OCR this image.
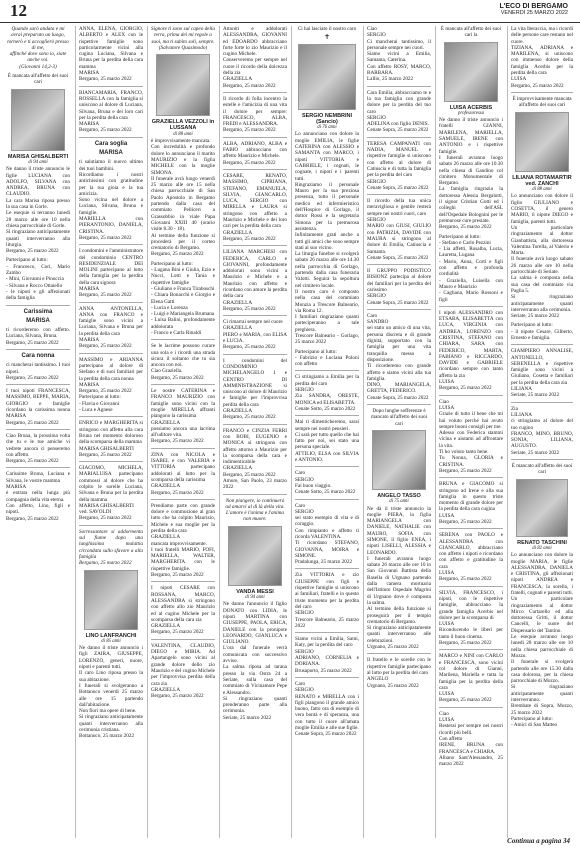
12	L'ECO DI BERGAMO
VENERDÌ 25 MARZO 2022

Quando sarò andata e mi avrai preparato un luogo,
tornerò e ti accoglierò presso di me,
affinché dove sono io, siate anche voi.
(Giovanni 14,2-3)

È mancata all'affetto dei suoi cari

MARISA GHISALBERTI
di 94 anni

Ne danno il triste annuncio le figlie LUCIANA con ADOLFO, SILVANA con ANDREA, BRUNA con CLAUDIO.
La cara Marisa riposa presso la sua casa in Gorle.
Le esequie si terranno lunedì 28 marzo alle ore 10 nella chiesa parrocchiale di Gorle.
Si ringraziano anticipatamente quanti interverranno alla liturgia.
Bergamo, 25 marzo 2022

Partecipano al lutto:
- Francesco, Cori, Mario Zambo
- Mini, Giovanni e Pinuccia
- Silvana e Rocco Ottaiello
- le nipoti e gli affezionati della famiglia

Carissima
MARISA

ti ricorderemo con affetto. Luciana, Silvana, Bruna.
Bergamo, 25 marzo 2022

Cara nonna

ci mancherai tantissimo. I tuoi nipoti.
Bergamo, 25 marzo 2022

I tuoi nipoti FRANCESCA, MASSIMO, BEPPE, MARIA, GIORGIO e famiglie ricordano la carissima nonna MARISA
Bergamo, 25 marzo 2022

Ciao Bruna, la prossima volta che tu e le tue amiche vi vedrete ancora ci penseremo con affetto.
Bergamo, 25 marzo 2022

Carissime Bruna, Luciana e Silvana, le vostre mamma
MARISA
è entrata nella lunga più compagnia della vita eterna.
Con affetto, Lino, figli e nipoti.
Bergamo, 25 marzo 2022

ANNA, ELENA, GIORGIO, ALBERTO e ALEX con le rispettive famiglie sono particolarmente vicini alla cugina Luciana, Silvana e Bruna per la perdita della cara mamma
MARISA
Bergamo, 25 marzo 2022

BIANCAMARIA, FRANCO, ROSSELLA con la famiglia si uniscono al dolore di Luciana, Silvana, Bruna e dei loro cari per la perdita della cara
MARISA
Bergamo, 25 marzo 2022

Cara soglia
MARISA

ti salutiamo il nuovo ultimo dei tuoi bambini.
Ricordiamo i nostri antichissimi con gratitudine per la tua gioia e la tua amicizia.
Sono vicina nel dolore a Luciana, Silvana, Bruna e famiglie.
MARIELLA con PIERANTONIO, DANIELA, CRISTINA.
Bergamo, 25 marzo 2022

I condomini e l'amministratore del condominio CENTRO RESIDENZIALE DEI MOLINI partecipano al lutto della famiglia per la perdita della cara signora
MARISA
Bergamo, 25 marzo 2022

ANNA ANTONELLA, ANNA con FRANCO e famiglie sono vicini a Luciana, Silvana e Bruna per la perdita della cara
MARISA
Bergamo, 25 marzo 2022

MASSIMO e ARIANNA partecipano al dolore di Stefano e di suoi familiari per la perdita della cara nonna
MARISA
Bergamo, 25 marzo 2022

Partecipano al lutto:
- Flavia e Giovanni
- Luca e Agnese

ENRICO e MARGHERITA si stringono con affetto alla cara Bruna nel momento doloroso della scomparsa della mamma
MARISA GHISALBERTI
Bergamo, 25 marzo 2022

GIACOMO, MICHELA, MARIALUISA partecipano commossi al dolore che ha colpito le sorelle Luciana, Silvana e Bruna per la perdita della mamma
MARISA GHISALBERTI
ved. SAVOLDI
Bergamo, 25 marzo 2022

Sorressantare si addormenta sul fiume dopo una lunghissima malattia circondata sullo sfavore a alla famiglia
Bergamo, 25 marzo 2022

LINO LANFRANCHI
di 85 anni

Ne danno il triste annuncio i figli ZAIRA, GIUSEPPE, LORENZO, generi, nuore, nipoti e parenti tutti.
Il caro Lino riposa presso la sua abitazione.
I funerali si svolgeranno a Bottanuco venerdì 25 marzo alle ore 15 partendo dall'abitazione.
Non fiori ma opere di bene.
Si ringraziano anticipatamente quanti interverranno alla cerimonia cristiana.
Bottanuco, 25 marzo 2022

Signore ti sono sul capeo della terra, prima dei mi regole a suoi, ma ti subito soli, sempre.
(Salvatore Quasimodo)

GRAZIELLA VEZZOLI in LUSSANA
di 88 anni

è improvvisamente mancata.
Con incredulità e profondo dolore lo annunciano il marito MAURIZIO e la figlia MICHELE con la moglie SIMONA.
Il funerale avrà luogo venerdì 25 marzo alle ore 15 nella chiesa parrocchiale di San Paolo Apostolo in Bergamo partendo dalla casa del commiato Pelliceri a Grassobbio in viale Papa Giovanni XXIII 40 (orario visite 8.30 - 18).
Al termine della funzione si procederà per il corteo crematorio di Bergamo.
Bergamo, 25 marzo 2022

Partecipano al lutto:
- Lugana Bini e Giulia, Ezio e Nucci, Lotti e Tania e rispettive famiglie
- Giuliano e Franca Tiraboschi
- Chiara Bonacchi e Giorgio e Elena Gatti
- Lucia e Lorenza
- Luigi e Mariangela Brumana
- Luisa Balini, profondamente addolorata
- Franco e Carla Rinaldi

Se le lacrime possono curare una sola e i ricordi una strada sicura il soltanto che tu sia ancora con noi.
Ciao Graziella.
Bergamo, 25 marzo 2022

Le nostre CATERINA e FRANCO MAURIZIO con famiglie sono vicini con la moglie MIRELLA affranti piangono la carissima
GRAZIELLA
possiamo ancora una lacrima all'uditore vita.
Bergamo, 25 marzo 2022

ZINA con NICOLA e ISABEL e con VALERIA e VITTORIA partecipano addolorati al lutto per la scomparsa della carissima
GRAZIELLA
Bergamo, 25 marzo 2022

Prendiamo parte con grande dolore e commozione al gran lutto che ha colpito Maurizio, Michele e sua moglie per la perdita della cara
GRAZIELLA
mancata improvvisamente.
I tuoi fratelli MARIO, FOFI, MARIELLA, WALTER, MARGHERITA con le rispettive famiglie.
Bergamo, 25 marzo 2022

I nipoti CESARE con ROSSANA, MARCO, ALESSANDRA si stringono con affetto allo zio Maurizio ed al cugino Michele per la scomparsa della cara zia
GRAZIELLA
Bergamo, 25 marzo 2022

VALENTINA, CLAUDIO, DIEGO e MIRIA. Ad Apartangelo sono vicini al grande dolore dello zio Maurizio e del cugino Michele per l'improvvisa perdita della cara zia
GRAZIELLA
Bergamo, 25 marzo 2022

Attoniti e addolorati ALESSANDRA, GIOVANNI ed EDOARDO abbracciano forte forte lo zio Maurizio e il cugino Michele.
Conserveremo per sempre nel cuore il ricordo della dolcezza della zia
GRAZIELLA
Bergamo, 25 marzo 2022

Il ricordo di folla incentro la estelle e l'amicizia di una vita il dolore per sempre: FRANCESCO, ALBA, FREDI e ALESSANDRA.
Bergamo, 25 marzo 2022

ALBA, ADRIANO, ALBA e FABIO abbracciano con affetto Maurizio e Michele.
Bergamo, 25 marzo 2022

CESARE, RENATO, MASSIMO, CIPRIANA, STEFANO, EMANUELA, SILVIA, GIANCARLO, LUCA, SERGIO con MIRELLA e LAURA si stringono con affetto a Maurizio e Michele e dei loro cari per la perdita della cara
GRAZIELLA
Bergamo, 25 marzo 2022

LILIANA MARCHESI con FEDERICA, CARLO e GIOVANNI, profondamente addolorati sono vicini a Maurizio e Michele e a Maurizio con affetto e ricordano con amore la perdita della cara
GRAZIELLA
Bergamo, 25 marzo 2022

Ci rimarrai sempre nel cuore
GRAZIELLA
PIERO e MARIA, con ELISA e LUCIA.
Bergamo, 25 marzo 2022

I condomini del CONDOMINIO MICHELANGELO 1 e CENTRO DI AMMINISTRAZIONE si uniscono al dolore di Maurizio e famiglie per l'improvvisa perdita della cara
GRAZIELLA
Bergamo, 25 marzo 2022

FRANCO e CINZIA FERRI con BOBI, EUGENIO e MONICA si stringono con affetto attorno a Maurizio per la scomparsa della cara e indimenticabile
GRAZIELLA
Bergamo, 25 marzo 2022

Amore, San Paolo, 23 marzo 2022

Non piangere, io continuerò ad amarvi al di là della vita.
L'amore è l'anima e l'anima non muore.

VANDA MESSI
di 94 anni

Ne danno l'annuncio il figlio DONATO con LIDIA, le nipoti MARTINA con GIUSEPPE, PAOLA, ERICA, DANIELE con la pronipote LEONARDO, GIANLUCA e GIULIANO.
L'ora dal funerale verrà comunicata con successivo avviso.
La salma riposa ad tarana presso la via Ostra 24 a Seriate, sulla casa del commiato di Vicinamore Pepe e Alessandro.
Si ringraziano quanti prenderanno parte alla cerimonia.
Seriate, 25 marzo 2022

Ci hai lasciato il nostro caro

✝
SERGIO NEMBRINI (Sancio)
di 76 anni

Lo annunciano con dolore la moglie EMILIA, le figlie CATERINA con ALESSIO e SAMANTA con MARCO, i nipoti VITTORIA e GABRIELE, i cognati, le cognate, i nipoti e i parenti tutti.
Ringraziamo il personale Mauro per la sua preziosa presenza, tutto il personale medico ed infermieristico dell'Hospice di Gorlago, il dottor Rossi e la segretaria Simona per la premurosa assistenza.
Infinitamente grati anche a tutti gli amici che sono sempre stati al suo vicino.
La liturgia funebre si svolgerà sabato 26 marzo alle ore 14.30 nella parrocchia di Gorlago, partendo dalla casa funeraria Valotti. Seguirà la sepoltura nel cimitero locale.
Il nostro caro è composto nella casa del commiato Monzia a Trescore Balneario, via Roma 12.
I familiari ringraziano quanti parteciperanno a tale preghiera.
Trescore Balneario - Gorlago, 25 marzo 2022

Partecipano al lutto:
- Fabrizio e Luciana Poloni con affetto

Ci stringiamo a Emilia per la perdita del caro
SERGIO
Zia SANDRA, ORESTE, MONICA ed ELISABETTA.
Cenate Sotto, 25 marzo 2022

Mai ti dimenticheremo, sarai sempre nei nostri pensieri.
Ci sarà per tutto quello che hai fatto per noi, sei stato una persona speciale.
ATTILIO, ELSA con SILVIA e ANTONIO.

Caro
SERGIO
Fai buon viaggio.
Cenate Sotto, 25 marzo 2022

Caro
SERGIO
sei stato esempio di vita e di coraggio.
Con rimpianto e affetto ti ricorda VALENTINA.
Ti ricordano STEFANO, GIOVANNA, MOIRA e SIMONE.
Pradalunga, 25 marzo 2022

Zia VITTORIA e zio GIUSEPPE con figli e rispettive famiglie si uniscono ai familiari, fratelli e in questo triste momento per la perdita del caro
SERGIO
Trescore Balneario, 25 marzo 2022

Siamo vicini a Emilia, Sami, Katy, per la perdita del caro
SERGIO
ADRIANO, CORNELIA e DORIANA.
Brusaporto, 25 marzo 2022

Caro
SERGIO
RENATO e MIRELLA con i figli piangono il grande amico buono, fatto ora di esempio di vera bontà e di speranza, una con tutto il cuore all'amata moglie Emilia e alle sue figlie.
Cenate Sopra, 25 marzo 2022

Ciao
SERGIO
Ci mancherai tantissimo, il personale sempre nei cuori.
Siamo vicini a Emilia, Samanta, Caterina.
Con affetto ROSY, MARCO, BARBARA.
Lallio, 25 marzo 2022

Cara Emilia, abbracciamo te e la tua famiglia con grande dolore per la perdita del tuo caro
SERGIO
ADELINA con figlio DENIS.
Cenate Sopra, 25 marzo 2022

TERESA CAMPANATI con NADIA, MANUEL e rispettive famiglie si uniscono con affetto al dolore di Catiuscia e di tutta la famiglia per la perdita del caro
SERGIO
Cenate Sopra, 25 marzo 2022

Il ricordo della tua unica meravigliosa e gentile resterà sempre nei nostri cuori, caro
SERGIO
MARIO con GIUSI, GIULIO con PATRIZIA, DAVIDE con MAURA si stringono al dolore di Emilia, Catiuscia e Samanta.
Cenate Sopra, 25 marzo 2022

Il GRUPPO PODISTICO BISIONZ partecipa al dolore dei familiari per la perdita del carissimo
SERGIO
Cenate Sopra, 25 marzo 2022

Caro
SANDRO
sei stato un amico di una vita, persona discreta e di grande dignità, sopportato con la famiglia per una vita tranquilla messo a disposizione.
Ti ricorderemo con grande affetto e siamo vicini alla tua famiglia.
DINO, MARIANGELA, GRETTA, FEDERICO.
Cenate Sopra, 25 marzo 2022

Dopo lunghe sofferenze è mancato all'affetto dei suoi cari

ANGELO TASSO
di 75 anni

Ne dà il triste annuncio la moglie PIERA, la figlia MARIANGELA con DANIELE, NATHALIE con MAURO, SOFIA con SIMONE, il figlio ENEA, i nipoti LISELLI, ALESSIA e LEONARDO.
I funerali avranno luogo sabato 26 marzo alle ore 10 in San Giovanni Battista della Basella di Urgnano partendo dalla camera mortuaria dell'Istituto Ospedale Magrini di Urgnano dove è composta la salma.
Al termine della funzione si proseguirà per il tempio crematorio di Bergamo.
Si ringraziano anticipatamente quanti interverranno alle celebrazioni.
Urgnano, 25 marzo 2022

Il fratello e le sorelle con le rispettive famiglie partecipano al lutto per la perdita del caro
ANGELO
Urgnano, 25 marzo 2022

È mancata all'affetto dei suoi cari la

LUISA ACERBIS
professoressa

Ne danno il triste annuncio i fratelli GIANNI, MARILENA, MARIELLA, SAMUELE, IRENE con ANTONIO e i rispettive famiglie.
I funerali avranno luogo sabato 26 marzo alle ore 10.30 nella chiesa di Gandino col cimitero Monumentale di Bergamo.
La famiglia ringrazia la dottoressa Alessia Bergalotti, il signor Cristian Gotti ed i colleghi dell'ASL dell'Ospedale Bolognini per le premurose cure prestate.
Bergamo, 25 marzo 2022

Partecipano al lutto:
- Stefano e Carlo Pezzini
- Lia affetti, Rosalba, Lucia, Lauretta, Lugana
- Mario, Anna, Corti e figli con affetto e profonda cordialità
- Graziella, Luisella con Mauro e Maurizio
- Cagliana, Mario Rossoni e figli

I nipoti ALESSANDRO con ETSABA, ELISABETTA con LUCA, VIRGINIA con ANDREA, LORENZO con CRISTINA, STEFANO con CHIARA, SARA con FEDERICO, MARTA, FABIANO e RICCARDO, DAVIDE e GABRIELE ricordano sempre con tanto affetto la zia
LUISA
Bergamo, 25 marzo 2022

Ciao
LUISA
Grazie di tutto il bene che mi hai voluto perché hai avuto sempre buoni consigli per me.
Adesso con Federica stammi vicina e aiutami ad affrontare la vita.
Ti ho voluto tanto bene.
Tu Nonna, GLORIA e CRISTINA.
Bergamo, 25 marzo 2022

BRUNA e GIACOMO si stringono ad Irene e alla sua famiglia in questo triste momento di grande dolore per la perdita della cara cugina
LUISA
Bergamo, 25 marzo 2022

SERENA con PAOLO e ALESSANDRA con GIANCARLO, abbracciano con affetto i nipoti e ricordano con affetto e gratitudine la cara
LUISA
Bergamo, 25 marzo 2022

SILVIA, FRANCESCO, i nipoti, con le rispettive famiglie, abbracciano la grande famiglia Acerbis nel dolore per la scomparsa di
LUISA

Riconducendo le liberi per tanto il buon cinema.
Bergamo, 25 marzo 2022

MARCO e NINI con CARLO e FRANCESCA, sono vicini col dolore di Gianni, Marilena, Mariella e tutta la famiglia per la perdita della cara
LUISA
Bergamo, 25 marzo 2022

Ciao
LUISA
Resterai per sempre nei nostri ricordi più belli.
Con affetto
IRENE, BRUNA con FRANCESCA e CHIARA.
Albano Sant'Alessandro, 25 marzo 2022

La vita lberaccia, ma i ricordi delle persone care restano nel cuore.
TIZIANA, ADRIANA e MARILENA, si uniscono con immenso dolore della famiglia Acerbis per la perdita della cara
LUISA
Bergamo, 25 marzo 2022

È improvvisamente mancata all'affetto dei suoi cari

LILIANA ROTAMARTIR ved. ZANCHI
di 88 anni

Lo annunciano con dolore il figlio GIULIANO e COSETTA, il genero MARIO, il nipote DIEGO e famiglia, parenti tutti.
Un particolare ringraziamento al dottor Gianbattista, alla dottoressa Valentina Torella, al Valerio e Marta.
Il funerale avrà luogo sabato 26 marzo alle ore 10 nella parrocchiale di Seriate.
La salma è composta nella sua casa del commiato via Paglia 5.
Si ringraziano anticipatamente quanti interverranno alla cerimonia.
Seriate, 25 marzo 2022

Partecipano al lutto:
- il nipote Cesare, Gilberto, Ernesto e famiglia.

GIAMPIERO ANNALISE, ANTONELLO, SERENELLA e rispettive famiglie sono vicini a Giuliano, Cosetta e familiari per la perdita della cara zia
LILIANA
Seriate, 25 marzo 2022

Zia
LILIANA
ci stringiamo al dolore del tuo cugino
FRANCO, MINO, BRUNO, SONIA, LILIANA, AUGUSTO.
Seriate, 25 marzo 2022

È mancato all'affetto dei suoi cari

RENATO TASCHINI
di 82 anni

Lo annunciano con dolore la moglie MARIA, le figlie ALESSANDRA, DANIELA e CRISTINA, gli affezionati nipoti ANDREA e FRANCESCA, la sorella, i fratelli, cognati e parenti tutti.
Un particolare ringraziamento al dottor Mirco Curtarello ed alla dottoressa Gritti, il dottor Cancelli, le suore del Dispensario del Tantino.
Le esequie avranno luogo lunedì 28 marzo alle ore 10 nella chiesa parrocchiale di Mozzo.
Il funerale si svolgerà partendo alle ore 15.30 dalla casa dolorosa, per la chiesa parrocchiale di Mozzo.
Si ringraziano anticipatamente quanti interverranno.
Brembate di Sopra, Mozzo, 25 marzo 2022

Partecipano al lutto:
- Amici di San Matteo

Continua a pagina 34
